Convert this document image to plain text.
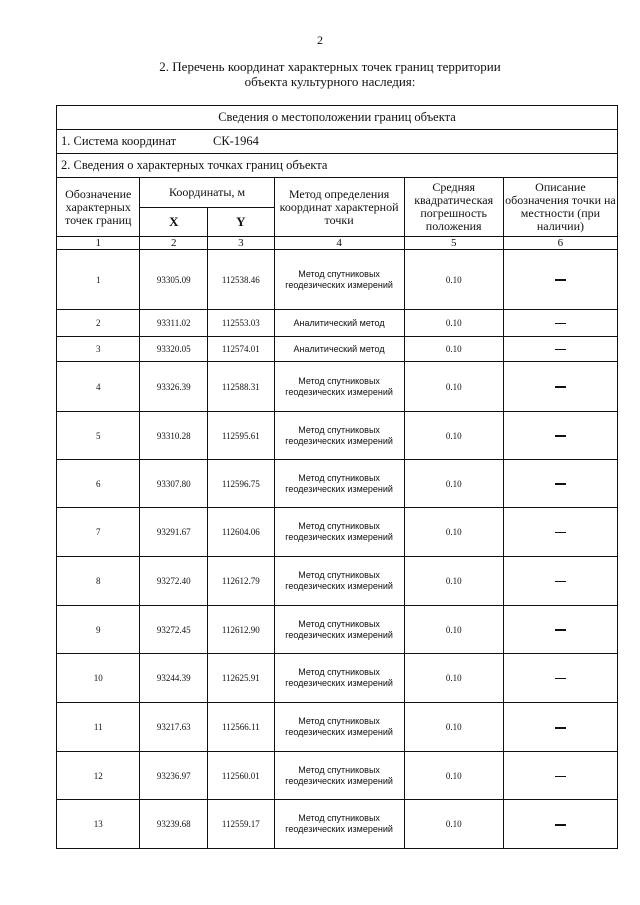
2
2. Перечень координат характерных точек границ территории
объекта культурного наследия:
Сведения о местоположении границ объекта					
1. Система координат СК-1964					
2. Сведения о характерных точках границ объекта					
Обозначение характерных точек границ	Координаты, м		Метод определения координат характерной точки	Средняя квадратическая погрешность положения	Описание обозначения точки на местности (при наличии)
	X	Y			
1	2	3	4	5	6
1	93305.09	112538.46	Метод спутниковых геодезических измерений	0.10	
2	93311.02	112553.03	Аналитический метод	0.10	
3	93320.05	112574.01	Аналитический метод	0.10	
4	93326.39	112588.31	Метод спутниковых геодезических измерений	0.10	
5	93310.28	112595.61	Метод спутниковых геодезических измерений	0.10	
6	93307.80	112596.75	Метод спутниковых геодезических измерений	0.10	
7	93291.67	112604.06	Метод спутниковых геодезических измерений	0.10	
8	93272.40	112612.79	Метод спутниковых геодезических измерений	0.10	
9	93272.45	112612.90	Метод спутниковых геодезических измерений	0.10	
10	93244.39	112625.91	Метод спутниковых геодезических измерений	0.10	
11	93217.63	112566.11	Метод спутниковых геодезических измерений	0.10	
12	93236.97	112560.01	Метод спутниковых геодезических измерений	0.10	
13	93239.68	112559.17	Метод спутниковых геодезических измерений	0.10	
